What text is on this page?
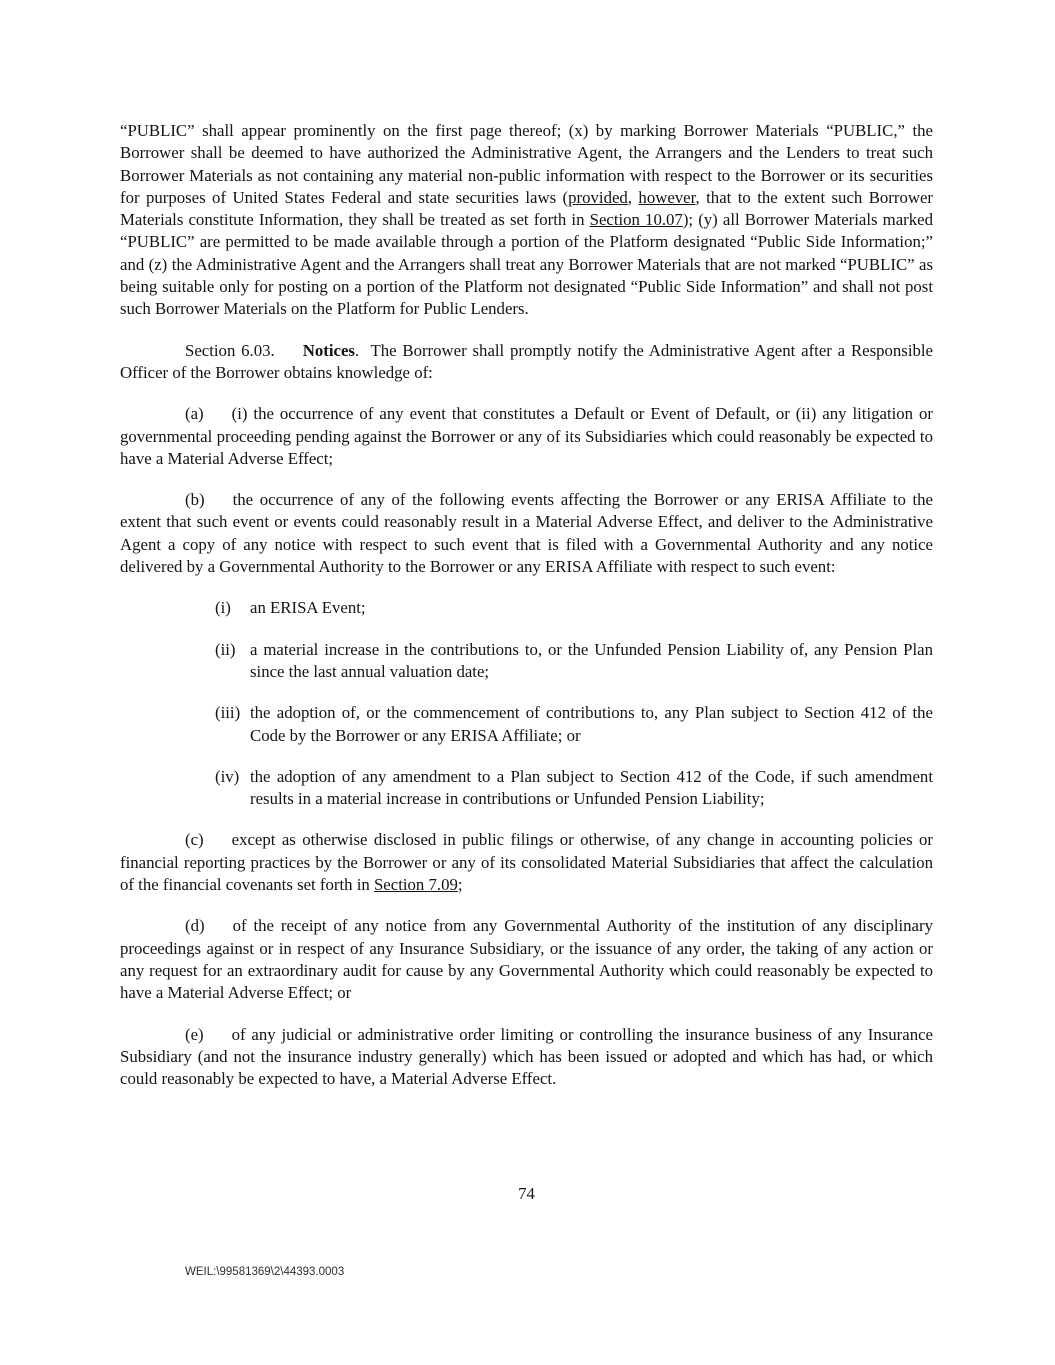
“PUBLIC” shall appear prominently on the first page thereof; (x) by marking Borrower Materials “PUBLIC,” the Borrower shall be deemed to have authorized the Administrative Agent, the Arrangers and the Lenders to treat such Borrower Materials as not containing any material non-public information with respect to the Borrower or its securities for purposes of United States Federal and state securities laws (provided, however, that to the extent such Borrower Materials constitute Information, they shall be treated as set forth in Section 10.07); (y) all Borrower Materials marked “PUBLIC” are permitted to be made available through a portion of the Platform designated “Public Side Information;” and (z) the Administrative Agent and the Arrangers shall treat any Borrower Materials that are not marked “PUBLIC” as being suitable only for posting on a portion of the Platform not designated “Public Side Information” and shall not post such Borrower Materials on the Platform for Public Lenders.
Section 6.03. Notices.  The Borrower shall promptly notify the Administrative Agent after a Responsible Officer of the Borrower obtains knowledge of:
(a) (i) the occurrence of any event that constitutes a Default or Event of Default, or (ii) any litigation or governmental proceeding pending against the Borrower or any of its Subsidiaries which could reasonably be expected to have a Material Adverse Effect;
(b) the occurrence of any of the following events affecting the Borrower or any ERISA Affiliate to the extent that such event or events could reasonably result in a Material Adverse Effect, and deliver to the Administrative Agent a copy of any notice with respect to such event that is filed with a Governmental Authority and any notice delivered by a Governmental Authority to the Borrower or any ERISA Affiliate with respect to such event:
(i) an ERISA Event;
(ii) a material increase in the contributions to, or the Unfunded Pension Liability of, any Pension Plan since the last annual valuation date;
(iii) the adoption of, or the commencement of contributions to, any Plan subject to Section 412 of the Code by the Borrower or any ERISA Affiliate; or
(iv) the adoption of any amendment to a Plan subject to Section 412 of the Code, if such amendment results in a material increase in contributions or Unfunded Pension Liability;
(c) except as otherwise disclosed in public filings or otherwise, of any change in accounting policies or financial reporting practices by the Borrower or any of its consolidated Material Subsidiaries that affect the calculation of the financial covenants set forth in Section 7.09;
(d) of the receipt of any notice from any Governmental Authority of the institution of any disciplinary proceedings against or in respect of any Insurance Subsidiary, or the issuance of any order, the taking of any action or any request for an extraordinary audit for cause by any Governmental Authority which could reasonably be expected to have a Material Adverse Effect; or
(e) of any judicial or administrative order limiting or controlling the insurance business of any Insurance Subsidiary (and not the insurance industry generally) which has been issued or adopted and which has had, or which could reasonably be expected to have, a Material Adverse Effect.
74
WEIL:\99581369\2\44393.0003
